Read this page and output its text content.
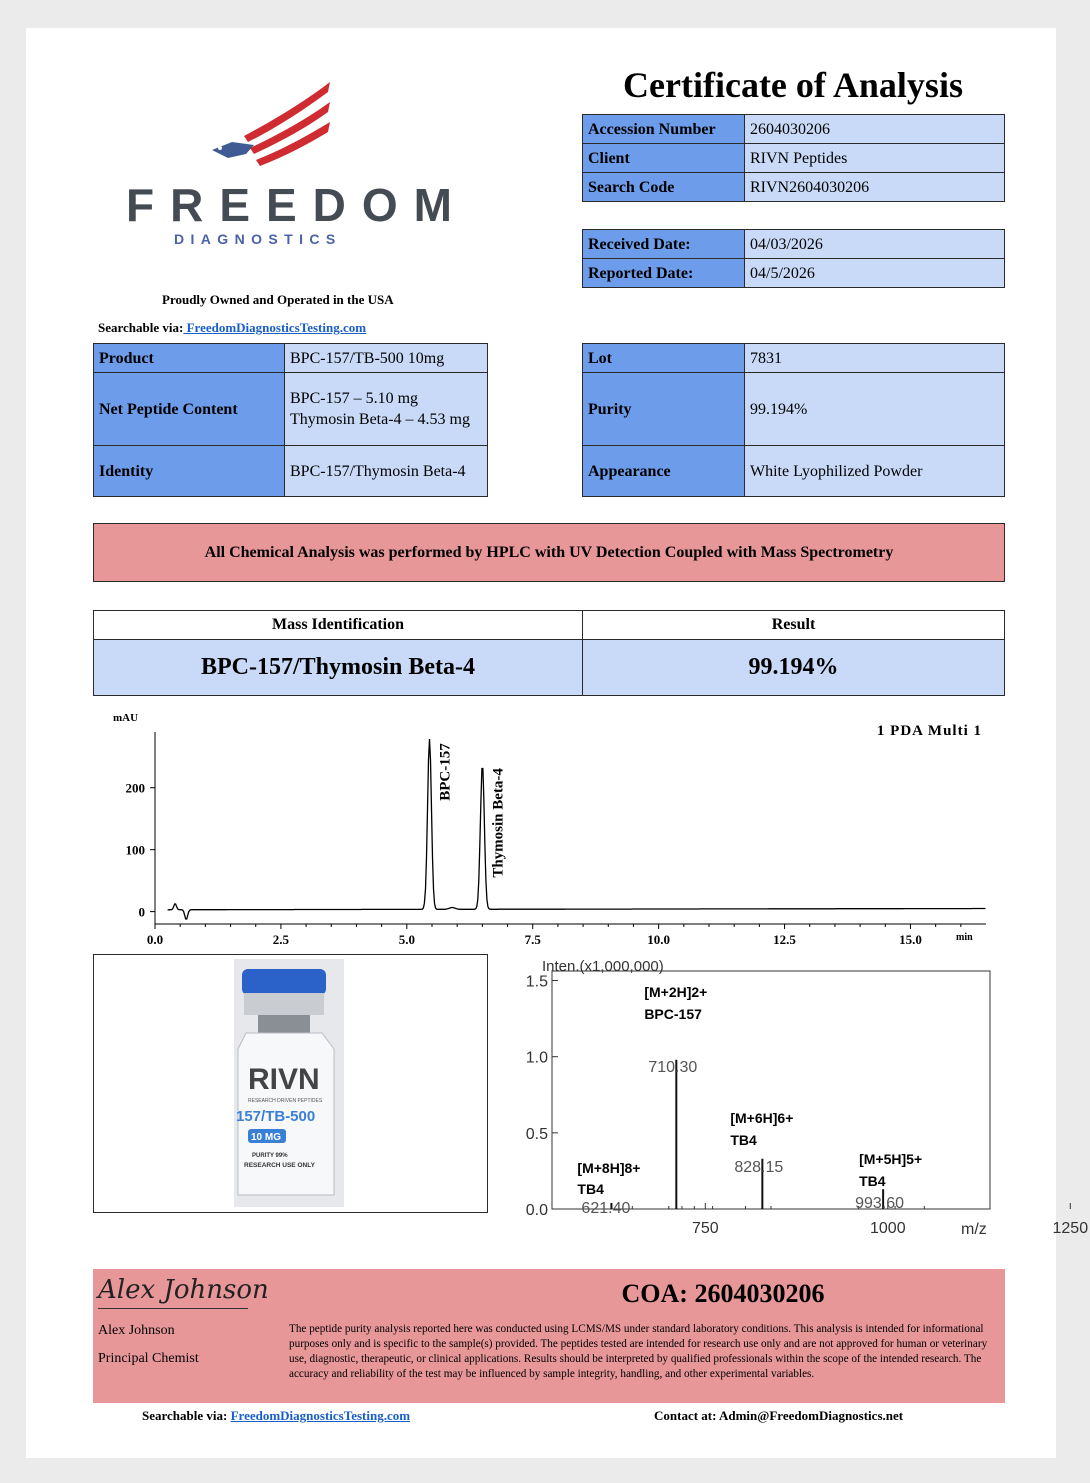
FREEDOM
DIAGNOSTICS
Proudly Owned and Operated in the USA
Searchable via: FreedomDiagnosticsTesting.com
Certificate of Analysis
Accession Number	2604030206
Client	RIVN Peptides
Search Code	RIVN2604030206
Received Date:	04/03/2026
Reported Date:	04/5/2026
Product	BPC-157/TB-500 10mg
Net Peptide Content	BPC-157 – 5.10 mg Thymosin Beta-4 – 4.53 mg
Identity	BPC-157/Thymosin Beta-4
Lot	7831
Purity	99.194%
Appearance	White Lyophilized Powder
All Chemical Analysis was performed by HPLC with UV Detection Coupled with Mass Spectrometry
Mass Identification	Result
BPC-157/Thymosin Beta-4	99.194%
mAU
1 PDA Multi 1
min
0.0	2.5	5.0	7.5	10.0	12.5	15.0
0
100
200	BPC-157 Thymosin Beta-4
RIVN
RESEARCH DRIVEN PEPTIDES
157/TB-500
10 MG
PURITY 99%
RESEARCH USE ONLY
Inten.(x1,000,000)
m/z
0.0
0.5
1.0
1.5
750	1000	1250
[M+8H]8+
TB4
621.40
[M+2H]2+
BPC-157
710.30
[M+6H]6+
TB4
828.15	[M+5H]5+
TB4
993.60
Alex Johnson
Alex Johnson
Principal Chemist
COA: 2604030206
The peptide purity analysis reported here was conducted using LCMS/MS under standard laboratory conditions. This analysis is intended for informational purposes only and is specific to the sample(s) provided. The peptides tested are intended for research use only and are not approved for human or veterinary use, diagnostic, therapeutic, or clinical applications. Results should be interpreted by qualified professionals within the scope of the intended research. The accuracy and reliability of the test may be influenced by sample integrity, handling, and other experimental variables.
Searchable via: FreedomDiagnosticsTesting.com	Contact at: Admin@FreedomDiagnostics.net
